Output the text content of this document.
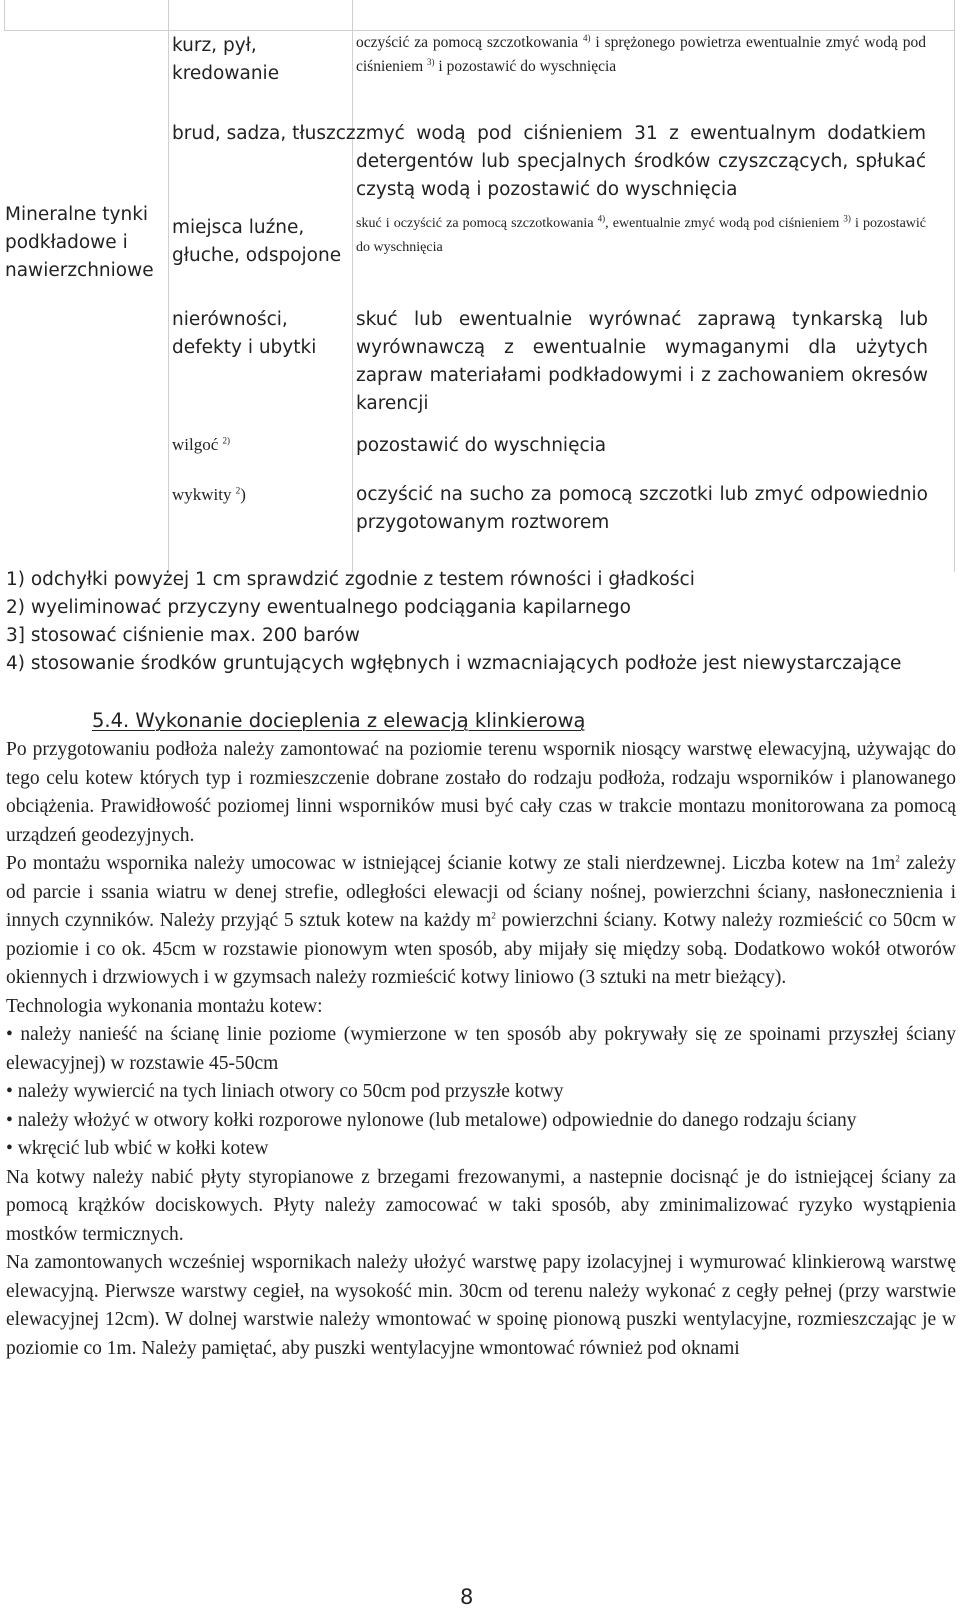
Mineralne tynki podkładowe i nawierzchniowe
kurz, pył, kredowanie
oczyścić za pomocą szczotkowania $^{4)}$ i sprężonego powietrza ewentualnie zmyć wodą pod ciśnieniem $^{3)}$ i pozostawić do wyschnięcia
brud, sadza, tłuszcz zmyć wodą pod ciśnieniem 31 z ewentualnym dodatkiem detergentów lub specjalnych środków czyszczących, spłukać czystą wodą i pozostawić do wyschnięcia
miejsca luźne, głuche, odspojone
skuć i oczyścić za pomocą szczotkowania $^{4)}$, ewentualnie zmyć wodą pod ciśnieniem $^{3)}$ i pozostawić do wyschnięcia
nierówności, defekty i ubytki
skuć lub ewentualnie wyrównać zaprawą tynkarską lub wyrównawczą z ewentualnie wymaganymi dla użytych zapraw materiałami podkładowymi i z zachowaniem okresów karencji
wilgoć $^{2)}$	pozostawić do wyschnięcia
wykwity $^2$)	oczyścić na sucho za pomocą szczotki lub zmyć odpowiednio przygotowanym roztworem
1) odchyłki powyżej 1 cm sprawdzić zgodnie z testem równości i gładkości
2) wyeliminować przyczyny ewentualnego podciągania kapilarnego
3] stosować ciśnienie max. 200 barów
4) stosowanie środków gruntujących wgłębnych i wzmacniających podłoże jest niewystarczające
5.4. Wykonanie docieplenia z elewacją klinkierową

Po przygotowaniu podłoża należy zamontować na poziomie terenu wspornik niosący warstwę elewacyjną, używając do tego celu kotew których typ i rozmieszczenie dobrane zostało do rodzaju podłoża, rodzaju wsporników i planowanego obciążenia. Prawidłowość poziomej linni wsporników musi być cały czas w trakcie montazu monitorowana za pomocą urządzeń geodezyjnych.

Po montażu wspornika należy umocowac w istniejącej ścianie kotwy ze stali nierdzewnej. Liczba kotew na $1m^2$ zależy od parcie i ssania wiatru w denej strefie, odległości elewacji od ściany nośnej, powierzchni ściany, nasłonecznienia i innych czynników. Należy przyjąć 5 sztuk kotew na każdy $m^2$ powierzchni ściany. Kotwy należy rozmieścić co 50cm w poziomie i co ok. 45cm w rozstawie pionowym wten sposób, aby mijały się między sobą. Dodatkowo wokół otworów okiennych i drzwiowych i w gzymsach należy rozmieścić kotwy liniowo (3 sztuki na metr bieżący).

Technologia wykonania montażu kotew:

• należy nanieść na ścianę linie poziome (wymierzone w ten sposób aby pokrywały się ze spoinami przyszłej ściany elewacyjnej) w rozstawie 45-50cm

• należy wywiercić na tych liniach otwory co 50cm pod przyszłe kotwy

• należy włożyć w otwory kołki rozporowe nylonowe (lub metalowe) odpowiednie do danego rodzaju ściany

• wkręcić lub wbić w kołki kotew

Na kotwy należy nabić płyty styropianowe z brzegami frezowanymi, a nastepnie docisnąć je do istniejącej ściany za pomocą krążków dociskowych. Płyty należy zamocować w taki sposób, aby zminimalizować ryzyko wystąpienia mostków termicznych.

Na zamontowanych wcześniej wspornikach należy ułożyć warstwę papy izolacyjnej i wymurować klinkierową warstwę elewacyjną. Pierwsze warstwy cegieł, na wysokość min. 30cm od terenu należy wykonać z cegły pełnej (przy warstwie elewacyjnej 12cm). W dolnej warstwie należy wmontować w spoinę pionową puszki wentylacyjne, rozmieszczając je w poziomie co 1m. Należy pamiętać, aby puszki wentylacyjne wmontować również pod oknami

8
